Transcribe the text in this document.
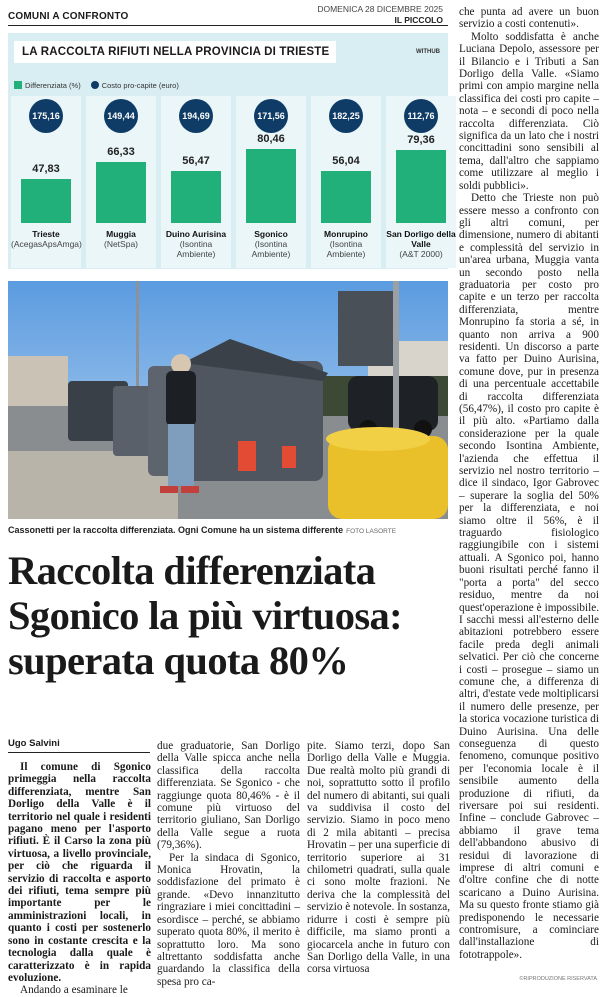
COMUNI A CONFRONTO
DOMENICA 28 DICEMBRE 2025
IL PICCOLO
LA RACCOLTA RIFIUTI NELLA PROVINCIA DI TRIESTE	WITHUB
Differenziata (%)	Costo pro-capite (euro)
47,83
175,16
Trieste
(AcegasApsAmga)
66,33
149,44
Muggia
(NetSpa)
56,47
194,69
Duino Aurisina
(Isontina Ambiente)
80,46
171,56
Sgonico
(Isontina Ambiente)
56,04
182,25
Monrupino
(Isontina Ambiente)
79,36
112,76
San Dorligo della Valle
(A&T 2000)
Cassonetti per la raccolta differenziata. Ogni Comune ha un sistema differente FOTO LASORTE
Raccolta differenziata Sgonico la più virtuosa: superata quota 80%
Ugo Salvini

Il comune di Sgonico primeggia nella raccolta differenziata, mentre San Dorligo della Valle è il territorio nel quale i residenti pagano meno per l'asporto rifiuti. È il Carso la zona più virtuosa, a livello provinciale, per ciò che riguarda il servizio di raccolta e asporto dei rifiuti, tema sempre più importante per le amministrazioni locali, in quanto i costi per sostenerlo sono in costante crescita e la tecnologia dalla quale è caratterizzato è in rapida evoluzione.

Andando a esaminare le

due graduatorie, San Dorligo della Valle spicca anche nella classifica della raccolta differenziata. Se Sgonico - che raggiunge quota 80,46% - è il comune più virtuoso del territorio giuliano, San Dorligo della Valle segue a ruota (79,36%).

Per la sindaca di Sgonico, Monica Hrovatin, la soddisfazione del primato è grande. «Devo innanzitutto ringraziare i miei concittadini – esordisce – perché, se abbiamo superato quota 80%, il merito è soprattutto loro. Ma sono altrettanto soddisfatta anche guardando la classifica della spesa pro ca-

pite. Siamo terzi, dopo San Dorligo della Valle e Muggia. Due realtà molto più grandi di noi, soprattutto sotto il profilo del numero di abitanti, sui quali va suddivisa il costo del servizio. Siamo in poco meno di 2 mila abitanti – precisa Hrovatin – per una superficie di territorio superiore ai 31 chilometri quadrati, sulla quale ci sono molte frazioni. Ne deriva che la complessità del servizio è notevole. In sostanza, ridurre i costi è sempre più difficile, ma siamo pronti a giocarcela anche in futuro con San Dorligo della Valle, in una corsa virtuosa

che punta ad avere un buon servizio a costi contenuti».

Molto soddisfatta è anche Luciana Depolo, assessore per il Bilancio e i Tributi a San Dorligo della Valle. «Siamo primi con ampio margine nella classifica dei costi pro capite – nota – e secondi di poco nella raccolta differenziata. Ciò significa da un lato che i nostri concittadini sono sensibili al tema, dall'altro che sappiamo come utilizzare al meglio i soldi pubblici».

Detto che Trieste non può essere messo a confronto con gli altri comuni, per dimensione, numero di abitanti e complessità del servizio in un'area urbana, Muggia vanta un secondo posto nella graduatoria per costo pro capite e un terzo per raccolta differenziata, mentre Monrupino fa storia a sé, in quanto non arriva a 900 residenti. Un discorso a parte va fatto per Duino Aurisina, comune dove, pur in presenza di una percentuale accettabile di raccolta differenziata (56,47%), il costo pro capite è il più alto. «Partiamo dalla considerazione per la quale secondo Isontina Ambiente, l'azienda che effettua il servizio nel nostro territorio – dice il sindaco, Igor Gabrovec – superare la soglia del 50% per la differenziata, e noi siamo oltre il 56%, è il traguardo fisiologico raggiungibile con i sistemi attuali. A Sgonico poi, hanno buoni risultati perché fanno il "porta a porta" del secco residuo, mentre da noi quest'operazione è impossibile. I sacchi messi all'esterno delle abitazioni potrebbero essere facile preda degli animali selvatici. Per ciò che concerne i costi – prosegue – siamo un comune che, a differenza di altri, d'estate vede moltiplicarsi il numero delle presenze, per la storica vocazione turistica di Duino Aurisina. Una delle conseguenza di questo fenomeno, comunque positivo per l'economia locale è il sensibile aumento della produzione di rifiuti, da riversare poi sui residenti. Infine – conclude Gabrovec – abbiamo il grave tema dell'abbandono abusivo di residui di lavorazione di imprese di altri comuni e d'oltre confine che di notte scaricano a Duino Aurisina. Ma su questo fronte stiamo già predisponendo le necessarie contromisure, a cominciare dall'installazione di fototrappole».

©RIPRODUZIONE RISERVATA
